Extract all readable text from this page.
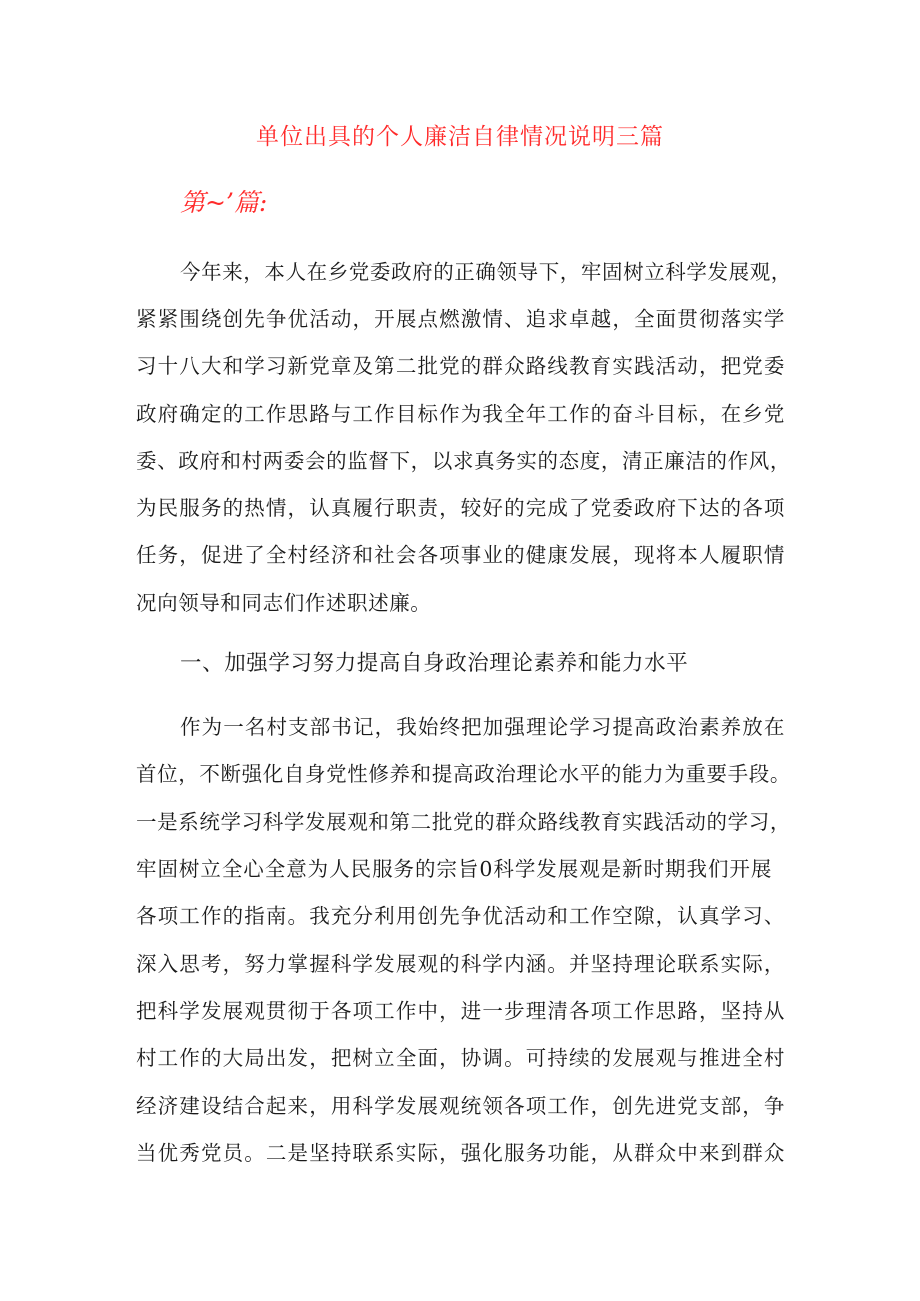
单位出具的个人廉洁自律情况说明三篇
第~’篇:
今年来，本人在乡党委政府的正确领导下，牢固树立科学发展观，
紧紧围绕创先争优活动，开展点燃激情、追求卓越，全面贯彻落实学
习十八大和学习新党章及第二批党的群众路线教育实践活动，把党委
政府确定的工作思路与工作目标作为我全年工作的奋斗目标，在乡党
委、政府和村两委会的监督下，以求真务实的态度，清正廉洁的作风，
为民服务的热情，认真履行职责，较好的完成了党委政府下达的各项
任务，促进了全村经济和社会各项事业的健康发展，现将本人履职情
况向领导和同志们作述职述廉。
一、加强学习努力提高自身政治理论素养和能力水平
作为一名村支部书记，我始终把加强理论学习提高政治素养放在
首位，不断强化自身党性修养和提高政治理论水平的能力为重要手段。
一是系统学习科学发展观和第二批党的群众路线教育实践活动的学习，
牢固树立全心全意为人民服务的宗旨0科学发展观是新时期我们开展
各项工作的指南。我充分利用创先争优活动和工作空隙，认真学习、
深入思考，努力掌握科学发展观的科学内涵。并坚持理论联系实际，
把科学发展观贯彻于各项工作中，进一步理清各项工作思路，坚持从
村工作的大局出发，把树立全面，协调。可持续的发展观与推进全村
经济建设结合起来，用科学发展观统领各项工作，创先进党支部，争
当优秀党员。二是坚持联系实际，强化服务功能，从群众中来到群众
